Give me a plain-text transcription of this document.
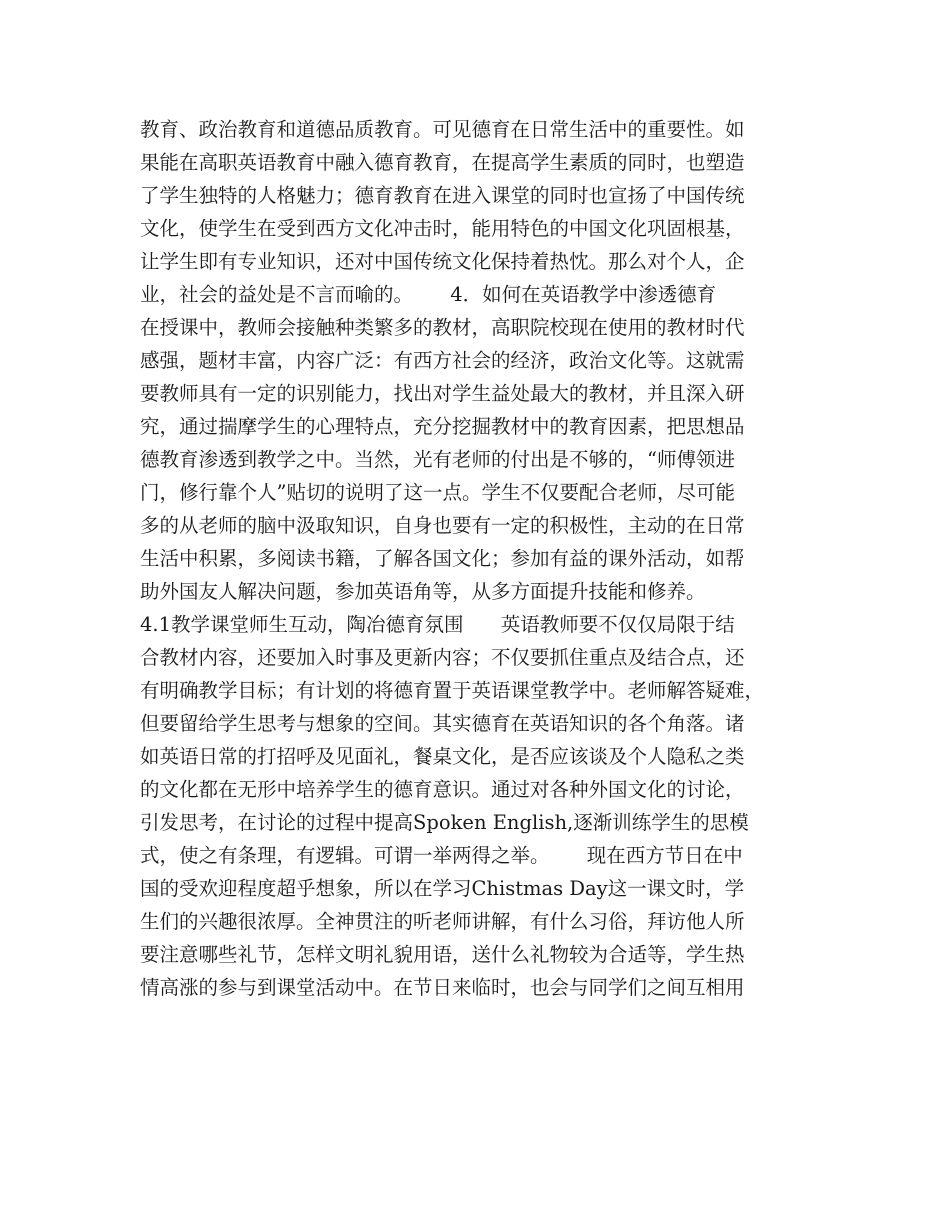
教育、政治教育和道德品质教育。可见德育在日常生活中的重要性。如
果能在高职英语教育中融入德育教育，在提高学生素质的同时，也塑造
了学生独特的人格魅力；德育教育在进入课堂的同时也宣扬了中国传统
文化，使学生在受到西方文化冲击时，能用特色的中国文化巩固根基，
让学生即有专业知识，还对中国传统文化保持着热忱。那么对个人，企
业，社会的益处是不言而喻的。      4．如何在英语教学中渗透德育
在授课中，教师会接触种类繁多的教材，高职院校现在使用的教材时代
感强，题材丰富，内容广泛：有西方社会的经济，政治文化等。这就需
要教师具有一定的识别能力，找出对学生益处最大的教材，并且深入研
究，通过揣摩学生的心理特点，充分挖掘教材中的教育因素，把思想品
德教育渗透到教学之中。当然，光有老师的付出是不够的，“师傅领进
门，修行靠个人”贴切的说明了这一点。学生不仅要配合老师，尽可能
多的从老师的脑中汲取知识，自身也要有一定的积极性，主动的在日常
生活中积累，多阅读书籍，了解各国文化；参加有益的课外活动，如帮
助外国友人解决问题，参加英语角等，从多方面提升技能和修养。
4.1教学课堂师生互动，陶冶德育氛围      英语教师要不仅仅局限于结
合教材内容，还要加入时事及更新内容；不仅要抓住重点及结合点，还
有明确教学目标；有计划的将德育置于英语课堂教学中。老师解答疑难，
但要留给学生思考与想象的空间。其实德育在英语知识的各个角落。诸
如英语日常的打招呼及见面礼，餐桌文化，是否应该谈及个人隐私之类
的文化都在无形中培养学生的德育意识。通过对各种外国文化的讨论，
引发思考，在讨论的过程中提高Spoken English,逐渐训练学生的思模
式，使之有条理，有逻辑。可谓一举两得之举。      现在西方节日在中
国的受欢迎程度超乎想象，所以在学习Chistmas Day这一课文时，学
生们的兴趣很浓厚。全神贯注的听老师讲解，有什么习俗，拜访他人所
要注意哪些礼节，怎样文明礼貌用语，送什么礼物较为合适等，学生热
情高涨的参与到课堂活动中。在节日来临时，也会与同学们之间互相用
